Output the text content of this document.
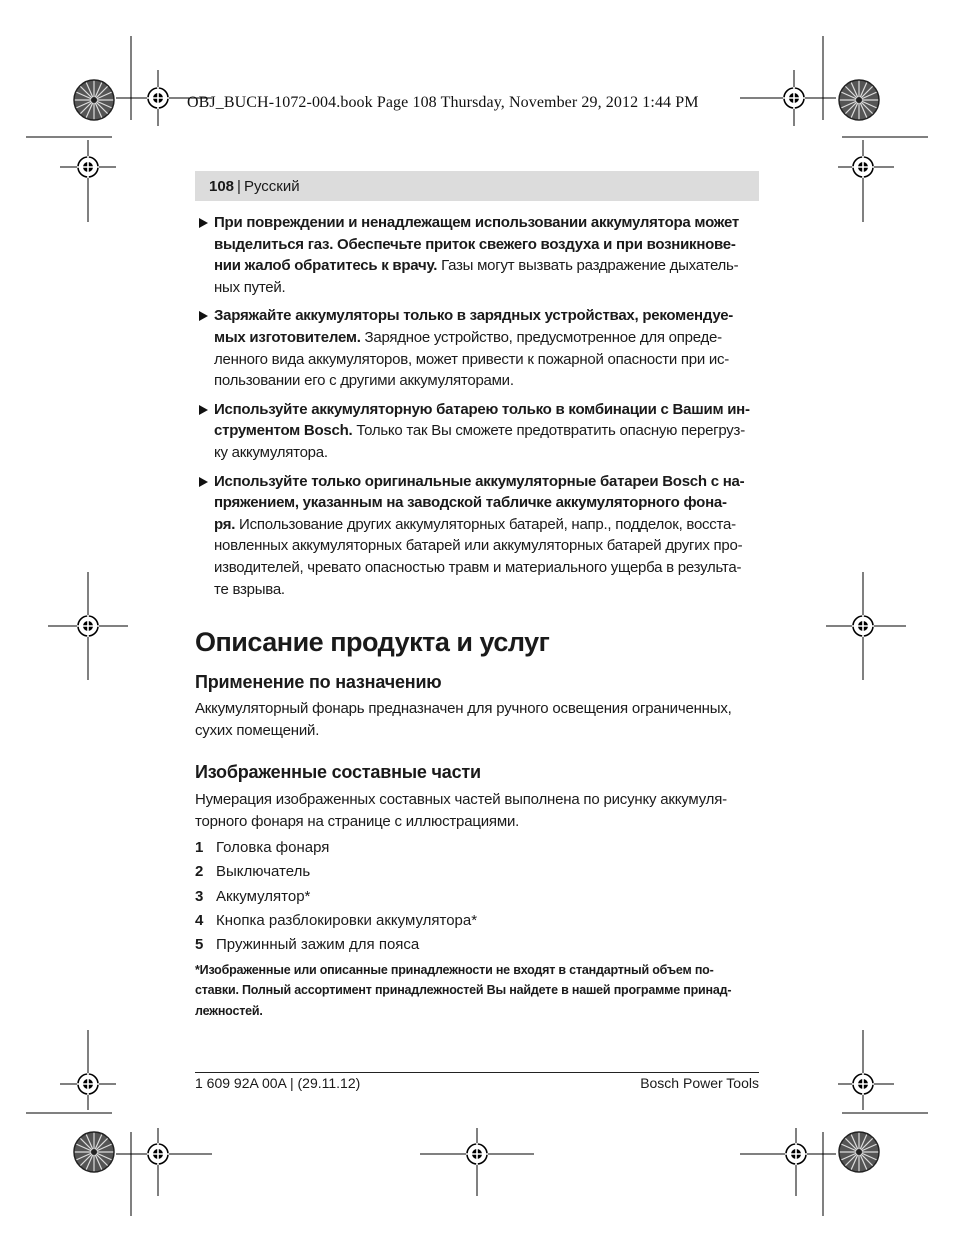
OBJ_BUCH-1072-004.book Page 108 Thursday, November 29, 2012 1:44 PM
108 | Русский
При повреждении и ненадлежащем использовании аккумулятора может
выделиться газ. Обеспечьте приток свежего воздуха и при возникнове-
нии жалоб обратитесь к врачу. Газы могут вызвать раздражение дыхатель-
ных путей.
Заряжайте аккумуляторы только в зарядных устройствах, рекомендуе-
мых изготовителем. Зарядное устройство, предусмотренное для опреде-
ленного вида аккумуляторов, может привести к пожарной опасности при ис-
пользовании его с другими аккумуляторами.
Используйте аккумуляторную батарею только в комбинации с Вашим ин-
струментом Bosch. Только так Вы сможете предотвратить опасную перегруз-
ку аккумулятора.
Используйте только оригинальные аккумуляторные батареи Bosch с на-
пряжением, указанным на заводской табличке аккумуляторного фона-
ря. Использование других аккумуляторных батарей, напр., подделок, восста-
новленных аккумуляторных батарей или аккумуляторных батарей других про-
изводителей, чревато опасностью травм и материального ущерба в результа-
те взрыва.
Описание продукта и услуг
Применение по назначению
Аккумуляторный фонарь предназначен для ручного освещения ограниченных,
сухих помещений.
Изображенные составные части
Нумерация изображенных составных частей выполнена по рисунку аккумуля-
торного фонаря на странице с иллюстрациями.
1 Головка фонаря
2 Выключатель
3 Аккумулятор*
4 Кнопка разблокировки аккумулятора*
5 Пружинный зажим для пояса
*Изображенные или описанные принадлежности не входят в стандартный объем по-
ставки. Полный ассортимент принадлежностей Вы найдете в нашей программе принад-
лежностей.
1 609 92A 00A | (29.11.12)	Bosch Power Tools
